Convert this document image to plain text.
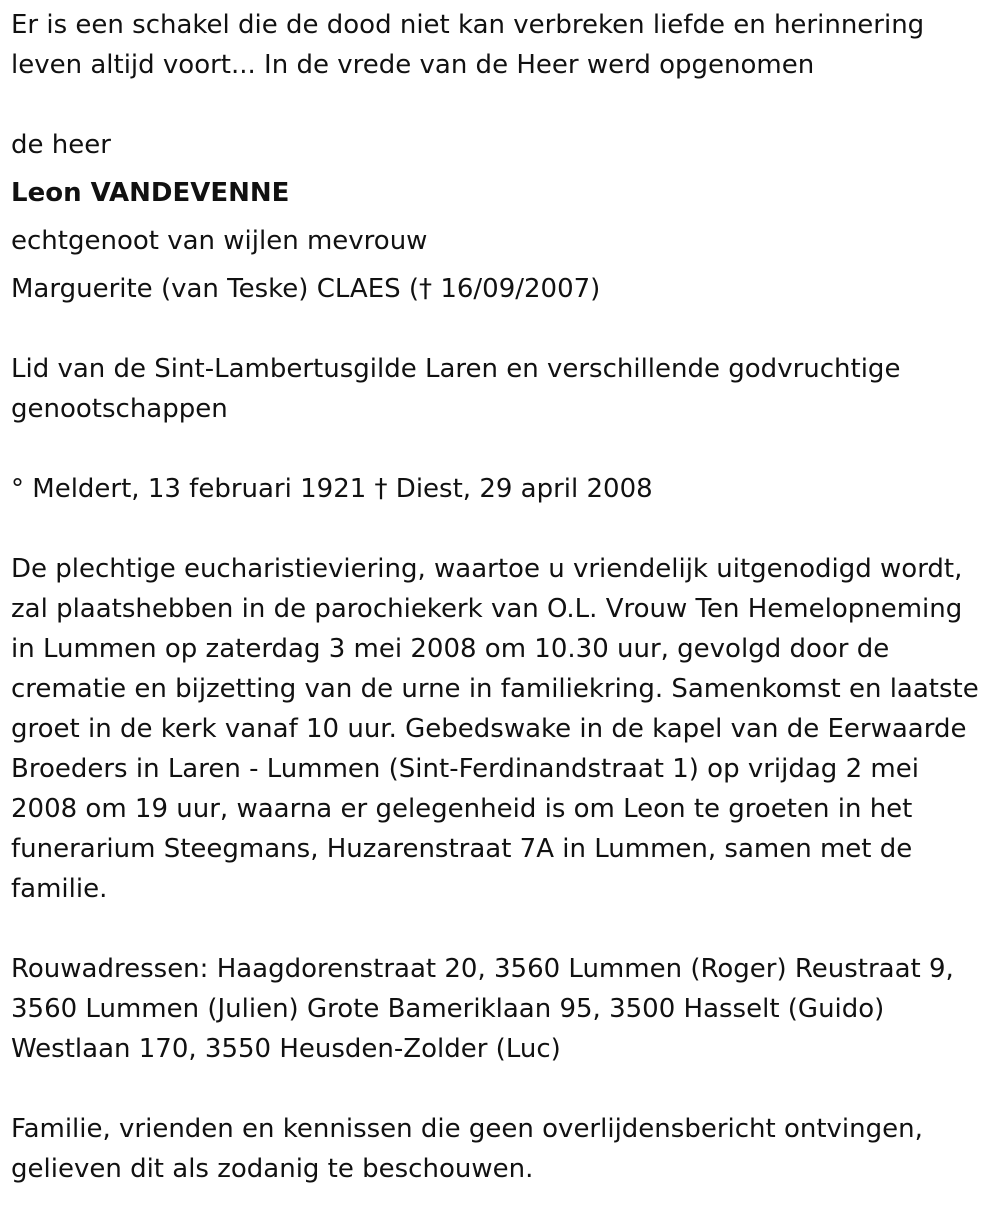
Er is een schakel die de dood niet kan verbreken liefde en herinnering
leven altijd voort... In de vrede van de Heer werd opgenomen
de heer
Leon VANDEVENNE
echtgenoot van wijlen mevrouw
Marguerite (van Teske) CLAES († 16/09/2007)
Lid van de Sint-Lambertusgilde Laren en verschillende godvruchtige genootschappen
° Meldert, 13 februari 1921 † Diest, 29 april 2008
De plechtige eucharistieviering, waartoe u vriendelijk uitgenodigd wordt, zal plaatshebben in de parochiekerk van O.L. Vrouw Ten Hemelopneming in Lummen op zaterdag 3 mei 2008 om 10.30 uur, gevolgd door de crematie en bijzetting van de urne in familiekring. Samenkomst en laatste groet in de kerk vanaf 10 uur. Gebedswake in de kapel van de Eerwaarde Broeders in Laren - Lummen (Sint-Ferdinandstraat 1) op vrijdag 2 mei 2008 om 19 uur, waarna er gelegenheid is om Leon te groeten in het funerarium Steegmans, Huzarenstraat 7A in Lummen, samen met de familie.
Rouwadressen: Haagdorenstraat 20, 3560 Lummen (Roger) Reustraat 9, 3560 Lummen (Julien) Grote Bameriklaan 95, 3500 Hasselt (Guido) Westlaan 170, 3550 Heusden-Zolder (Luc)
Familie, vrienden en kennissen die geen overlijdensbericht ontvingen, gelieven dit als zodanig te beschouwen.
